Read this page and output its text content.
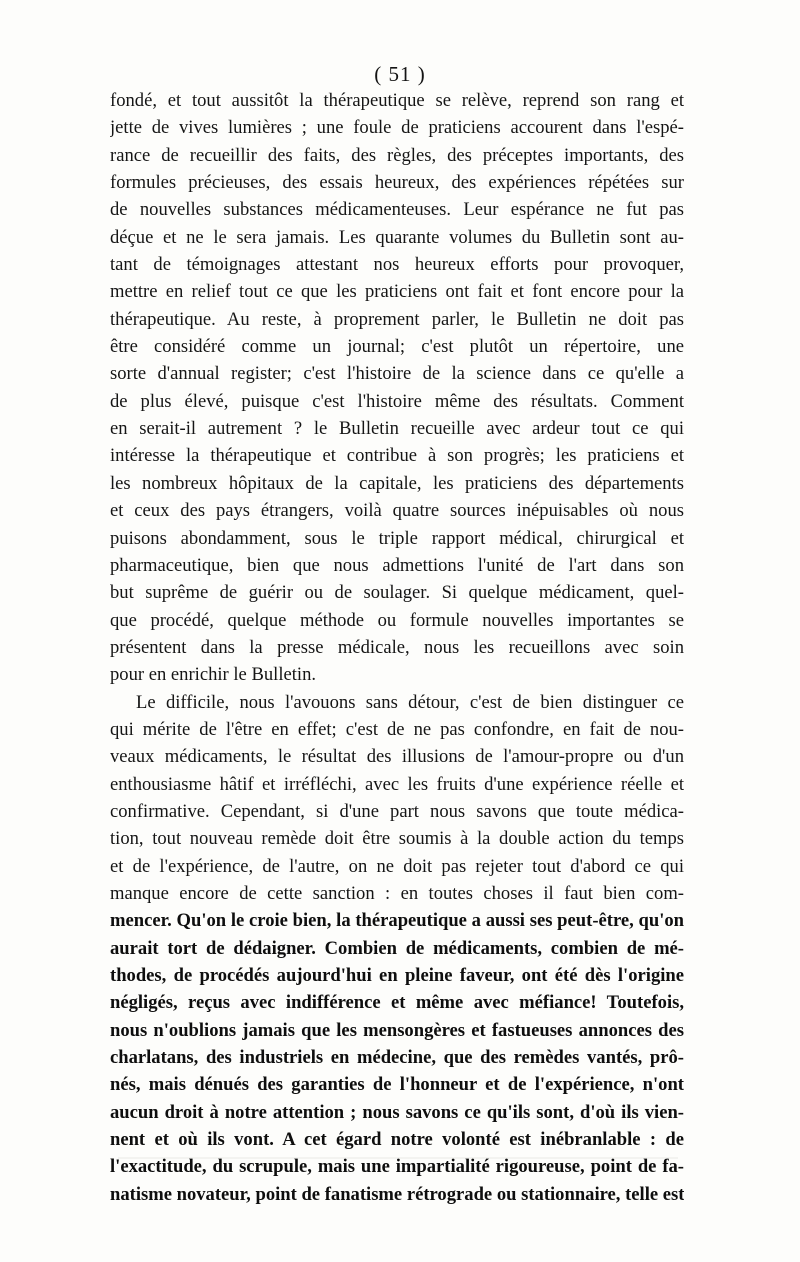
( 51 )
fondé, et tout aussitôt la thérapeutique se relève, reprend son rang et
jette de vives lumières ; une foule de praticiens accourent dans l'espé-
rance de recueillir des faits, des règles, des préceptes importants, des
formules précieuses, des essais heureux, des expériences répétées sur
de nouvelles substances médicamenteuses. Leur espérance ne fut pas
déçue et ne le sera jamais. Les quarante volumes du Bulletin sont au-
tant de témoignages attestant nos heureux efforts pour provoquer,
mettre en relief tout ce que les praticiens ont fait et font encore pour la
thérapeutique. Au reste, à proprement parler, le Bulletin ne doit pas
être considéré comme un journal; c'est plutôt un répertoire, une
sorte d'annual register; c'est l'histoire de la science dans ce qu'elle a
de plus élevé, puisque c'est l'histoire même des résultats. Comment
en serait-il autrement ? le Bulletin recueille avec ardeur tout ce qui
intéresse la thérapeutique et contribue à son progrès; les praticiens et
les nombreux hôpitaux de la capitale, les praticiens des départements
et ceux des pays étrangers, voilà quatre sources inépuisables où nous
puisons abondamment, sous le triple rapport médical, chirurgical et
pharmaceutique, bien que nous admettions l'unité de l'art dans son
but suprême de guérir ou de soulager. Si quelque médicament, quel-
que procédé, quelque méthode ou formule nouvelles importantes se
présentent dans la presse médicale, nous les recueillons avec soin
pour en enrichir le Bulletin.
Le difficile, nous l'avouons sans détour, c'est de bien distinguer ce
qui mérite de l'être en effet; c'est de ne pas confondre, en fait de nou-
veaux médicaments, le résultat des illusions de l'amour-propre ou d'un
enthousiasme hâtif et irréfléchi, avec les fruits d'une expérience réelle et
confirmative. Cependant, si d'une part nous savons que toute médica-
tion, tout nouveau remède doit être soumis à la double action du temps
et de l'expérience, de l'autre, on ne doit pas rejeter tout d'abord ce qui
manque encore de cette sanction : en toutes choses il faut bien com-
mencer. Qu'on le croie bien, la thérapeutique a aussi ses peut-être, qu'on
aurait tort de dédaigner. Combien de médicaments, combien de mé-
thodes, de procédés aujourd'hui en pleine faveur, ont été dès l'origine
négligés, reçus avec indifférence et même avec méfiance! Toutefois,
nous n'oublions jamais que les mensongères et fastueuses annonces des
charlatans, des industriels en médecine, que des remèdes vantés, prô-
nés, mais dénués des garanties de l'honneur et de l'expérience, n'ont
aucun droit à notre attention ; nous savons ce qu'ils sont, d'où ils vien-
nent et où ils vont. A cet égard notre volonté est inébranlable : de
l'exactitude, du scrupule, mais une impartialité rigoureuse, point de fa-
natisme novateur, point de fanatisme rétrograde ou stationnaire, telle est
